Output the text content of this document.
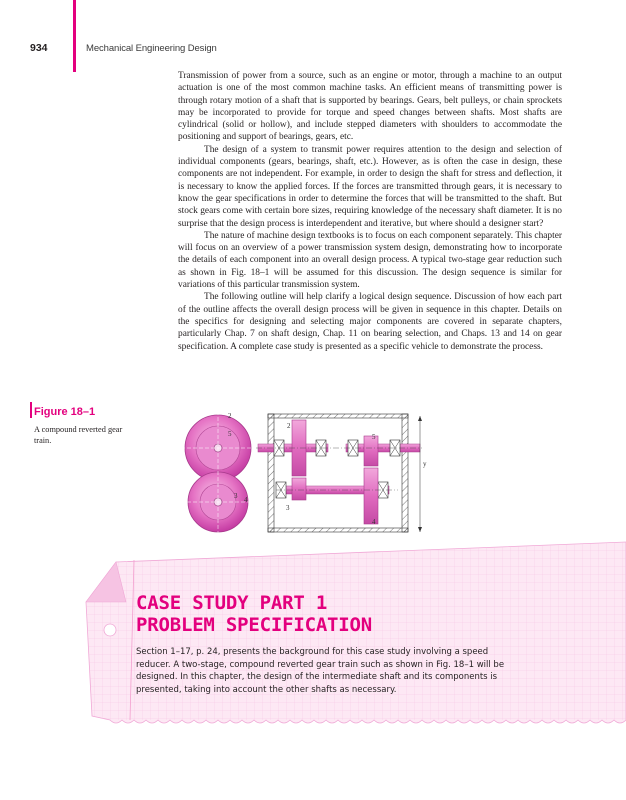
934	Mechanical Engineering Design

Transmission of power from a source, such as an engine or motor, through a machine to an output actuation is one of the most common machine tasks. An efficient means of transmitting power is through rotary motion of a shaft that is supported by bearings. Gears, belt pulleys, or chain sprockets may be incorporated to provide for torque and speed changes between shafts. Most shafts are cylindrical (solid or hollow), and include stepped diameters with shoulders to accommodate the positioning and support of bearings, gears, etc.

The design of a system to transmit power requires attention to the design and selection of individual components (gears, bearings, shaft, etc.). However, as is often the case in design, these components are not independent. For example, in order to design the shaft for stress and deflection, it is necessary to know the applied forces. If the forces are transmitted through gears, it is necessary to know the gear specifications in order to determine the forces that will be transmitted to the shaft. But stock gears come with certain bore sizes, requiring knowledge of the necessary shaft diameter. It is no surprise that the design process is interdependent and iterative, but where should a designer start?

The nature of machine design textbooks is to focus on each component separately. This chapter will focus on an overview of a power transmission system design, demonstrating how to incorporate the details of each component into an overall design process. A typical two-stage gear reduction such as shown in Fig. 18–1 will be assumed for this discussion. The design sequence is similar for variations of this particular transmission system.

The following outline will help clarify a logical design sequence. Discussion of how each part of the outline affects the overall design process will be given in sequence in this chapter. Details on the specifics for designing and selecting major components are covered in separate chapters, particularly Chap. 7 on shaft design, Chap. 11 on bearing selection, and Chaps. 13 and 14 on gear specification. A complete case study is presented as a specific vehicle to demonstrate the process.

Figure 18–1
A compound reverted gear train.
2
5
3 4
2
5
3
4
y
CASE STUDY PART 1
PROBLEM SPECIFICATION

Section 1–17, p. 24, presents the background for this case study involving a speed reducer. A two-stage, compound reverted gear train such as shown in Fig. 18–1 will be designed. In this chapter, the design of the intermediate shaft and its components is presented, taking into account the other shafts as necessary.
